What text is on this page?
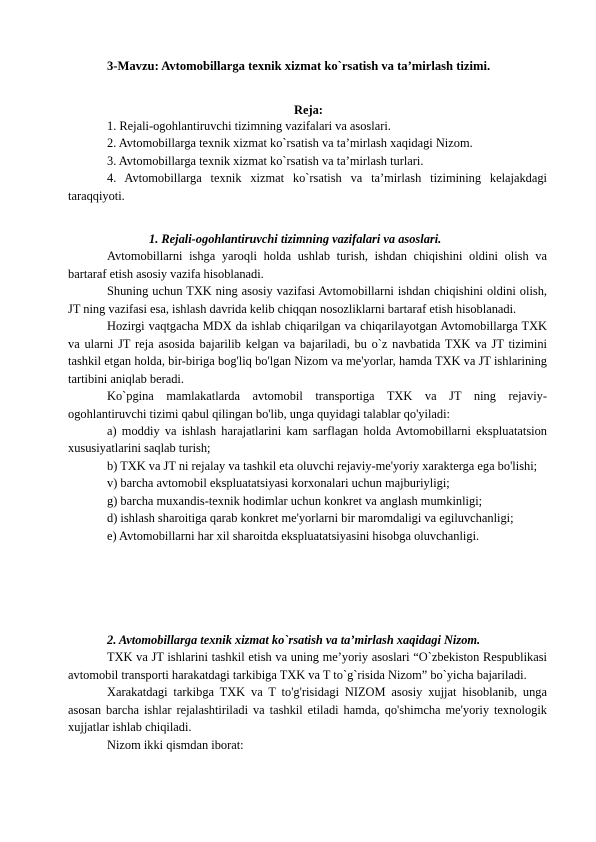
3-Mavzu: Avtomobillarga texnik xizmat ko`rsatish va ta’mirlash tizimi.
Reja:

1. Rejali-ogohlantiruvchi tizimning vazifalari va asoslari.

2. Avtomobillarga texnik xizmat ko`rsatish va ta’mirlash xaqidagi Nizom.

3. Avtomobillarga texnik xizmat ko`rsatish va ta’mirlash turlari.

4. Avtomobillarga texnik xizmat ko`rsatish va ta’mirlash tizimining kelajakdagi taraqqiyoti.

1. Rejali-ogohlantiruvchi tizimning vazifalari va asoslari.

Avtomobillarni ishga yaroqli holda ushlab turish, ishdan chiqishini oldini olish va bartaraf etish asosiy vazifa hisoblanadi.

Shuning uchun TXK ning asosiy vazifasi Avtomobillarni ishdan chiqishini oldini olish, JT ning vazifasi esa, ishlash davrida kelib chiqqan nosozliklarni bartaraf etish hisoblanadi.

Hozirgi vaqtgacha MDX da ishlab chiqarilgan va chiqarilayotgan Avtomobillarga TXK va ularni JT reja asosida bajarilib kelgan va bajariladi, bu o`z navbatida TXK va JT tizimini tashkil etgan holda, bir-biriga bog'liq bo'lgan Nizom va me'yorlar, hamda TXK va JT ishlarining tartibini aniqlab beradi.

Ko`pgina mamlakatlarda avtomobil transportiga TXK va JT ning rejaviy-ogohlantiruvchi tizimi qabul qilingan bo'lib, unga quyidagi talablar qo'yiladi:

a) moddiy va ishlash harajatlarini kam sarflagan holda Avtomobillarni ekspluatatsion xususiyatlarini saqlab turish;

b) TXK va JT ni rejalay va tashkil eta oluvchi rejaviy-me'yoriy xarakterga ega bo'lishi;

v) barcha avtomobil ekspluatatsiyasi korxonalari uchun majburiyligi;

g) barcha muxandis-texnik hodimlar uchun konkret va anglash mumkinligi;

d) ishlash sharoitiga qarab konkret me'yorlarni bir maromdaligi va egiluvchanligi;

e) Avtomobillarni har xil sharoitda ekspluatatsiyasini hisobga oluvchanligi.

2. Avtomobillarga texnik xizmat ko`rsatish va ta’mirlash xaqidagi Nizom.

TXK va JT ishlarini tashkil etish va uning me’yoriy asoslari “O`zbekiston Respublikasi avtomobil transporti harakatdagi tarkibiga TXK va T to`g`risida Nizom” bo`yicha bajariladi.

Xarakatdagi tarkibga TXK va T to'g'risidagi NIZOM asosiy xujjat hisoblanib, unga asosan barcha ishlar rejalashtiriladi va tashkil etiladi hamda, qo'shimcha me'yoriy texnologik xujjatlar ishlab chiqiladi.

Nizom ikki qismdan iborat:
